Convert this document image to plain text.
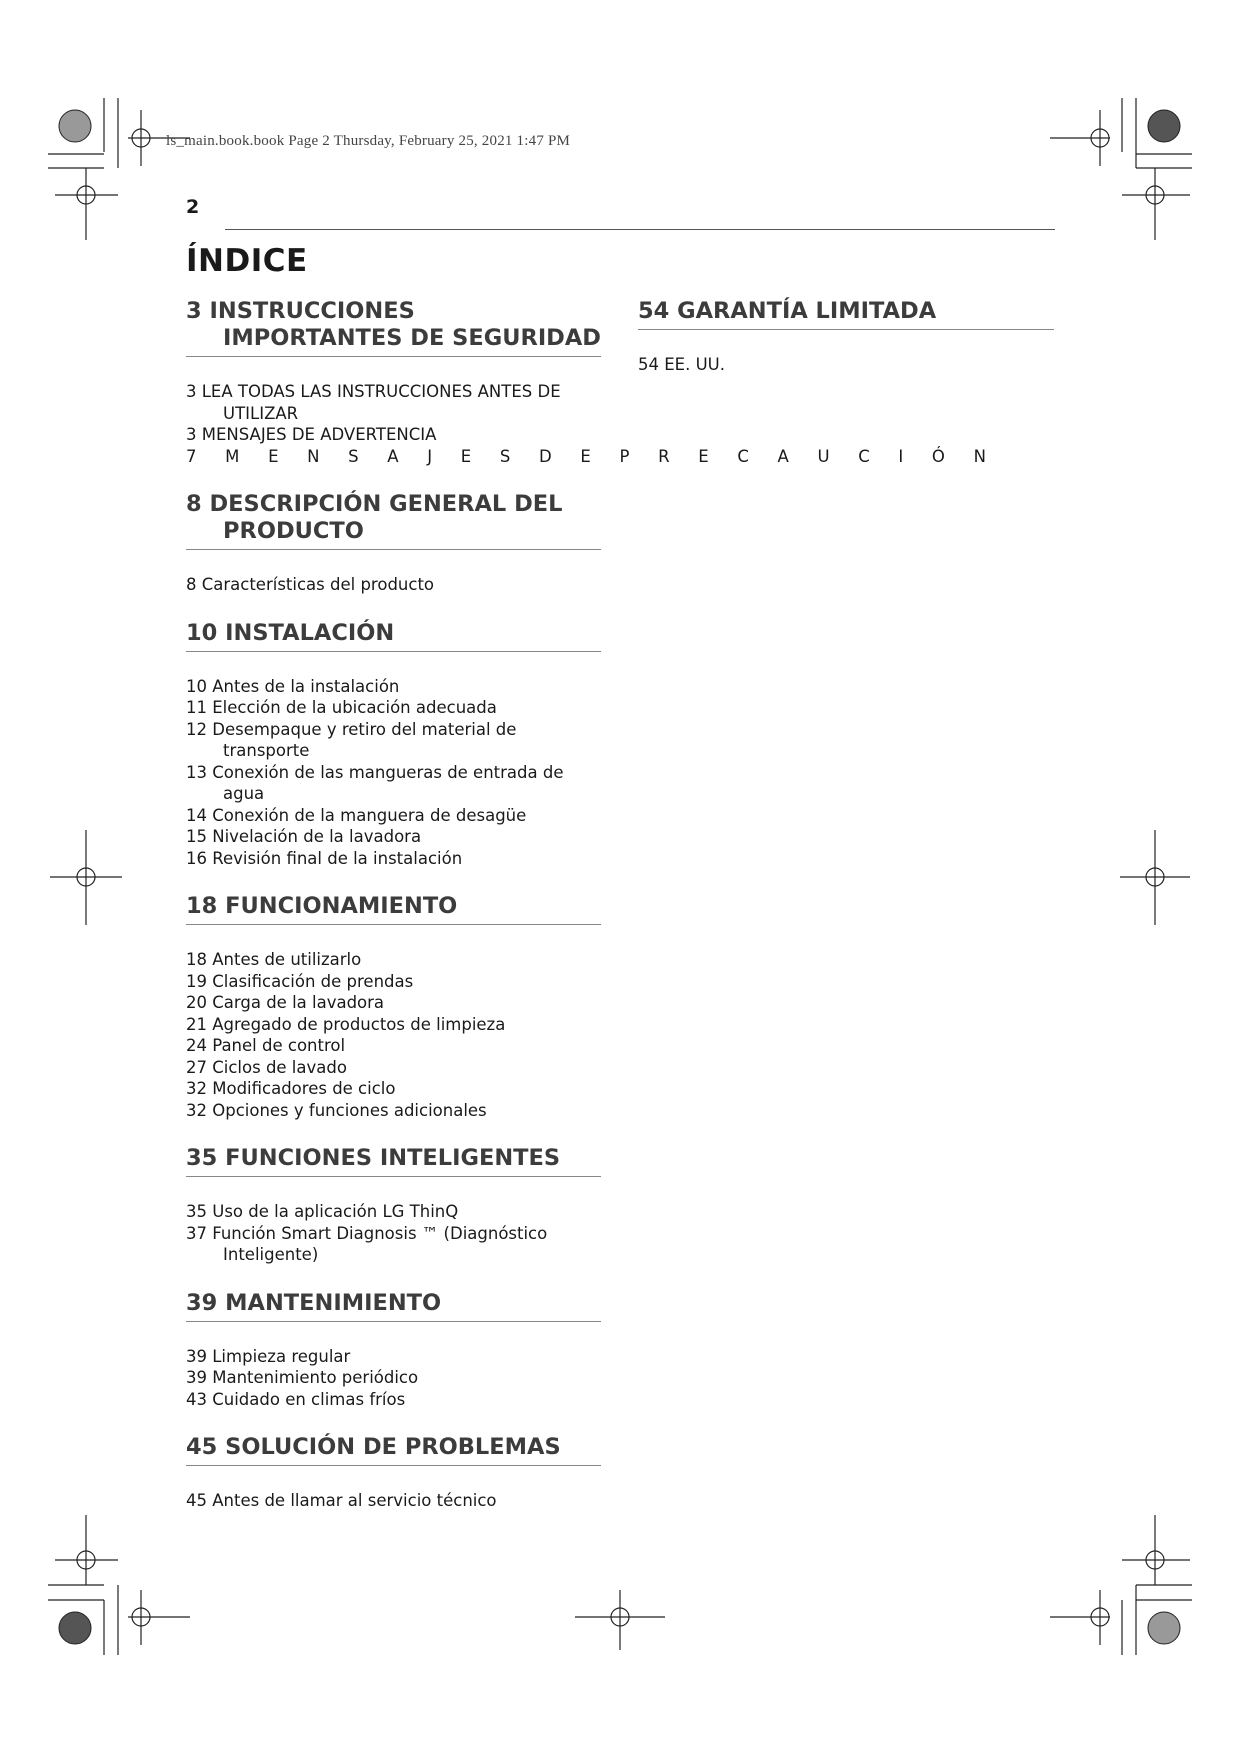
ls_main.book.book Page 2 Thursday, February 25, 2021 1:47 PM
2
ÍNDICE
3 INSTRUCCIONES IMPORTANTES DE SEGURIDAD
3 LEA TODAS LAS INSTRUCCIONES ANTES DE UTILIZAR
3 MENSAJES DE ADVERTENCIA
7 M E N S A J E S D E P R E C A U C I Ó N
8 DESCRIPCIÓN GENERAL DEL PRODUCTO
8 Características del producto
10 INSTALACIÓN
10 Antes de la instalación
11 Elección de la ubicación adecuada
12 Desempaque y retiro del material de transporte
13 Conexión de las mangueras de entrada de agua
14 Conexión de la manguera de desagüe
15 Nivelación de la lavadora
16 Revisión final de la instalación
18 FUNCIONAMIENTO
18 Antes de utilizarlo
19 Clasificación de prendas
20 Carga de la lavadora
21 Agregado de productos de limpieza
24 Panel de control
27 Ciclos de lavado
32 Modificadores de ciclo
32 Opciones y funciones adicionales
35 FUNCIONES INTELIGENTES
35 Uso de la aplicación LG ThinQ
37 Función Smart Diagnosis ™ (Diagnóstico Inteligente)
39 MANTENIMIENTO
39 Limpieza regular
39 Mantenimiento periódico
43 Cuidado en climas fríos
45 SOLUCIÓN DE PROBLEMAS
45 Antes de llamar al servicio técnico
54 GARANTÍA LIMITADA
54 EE. UU.
